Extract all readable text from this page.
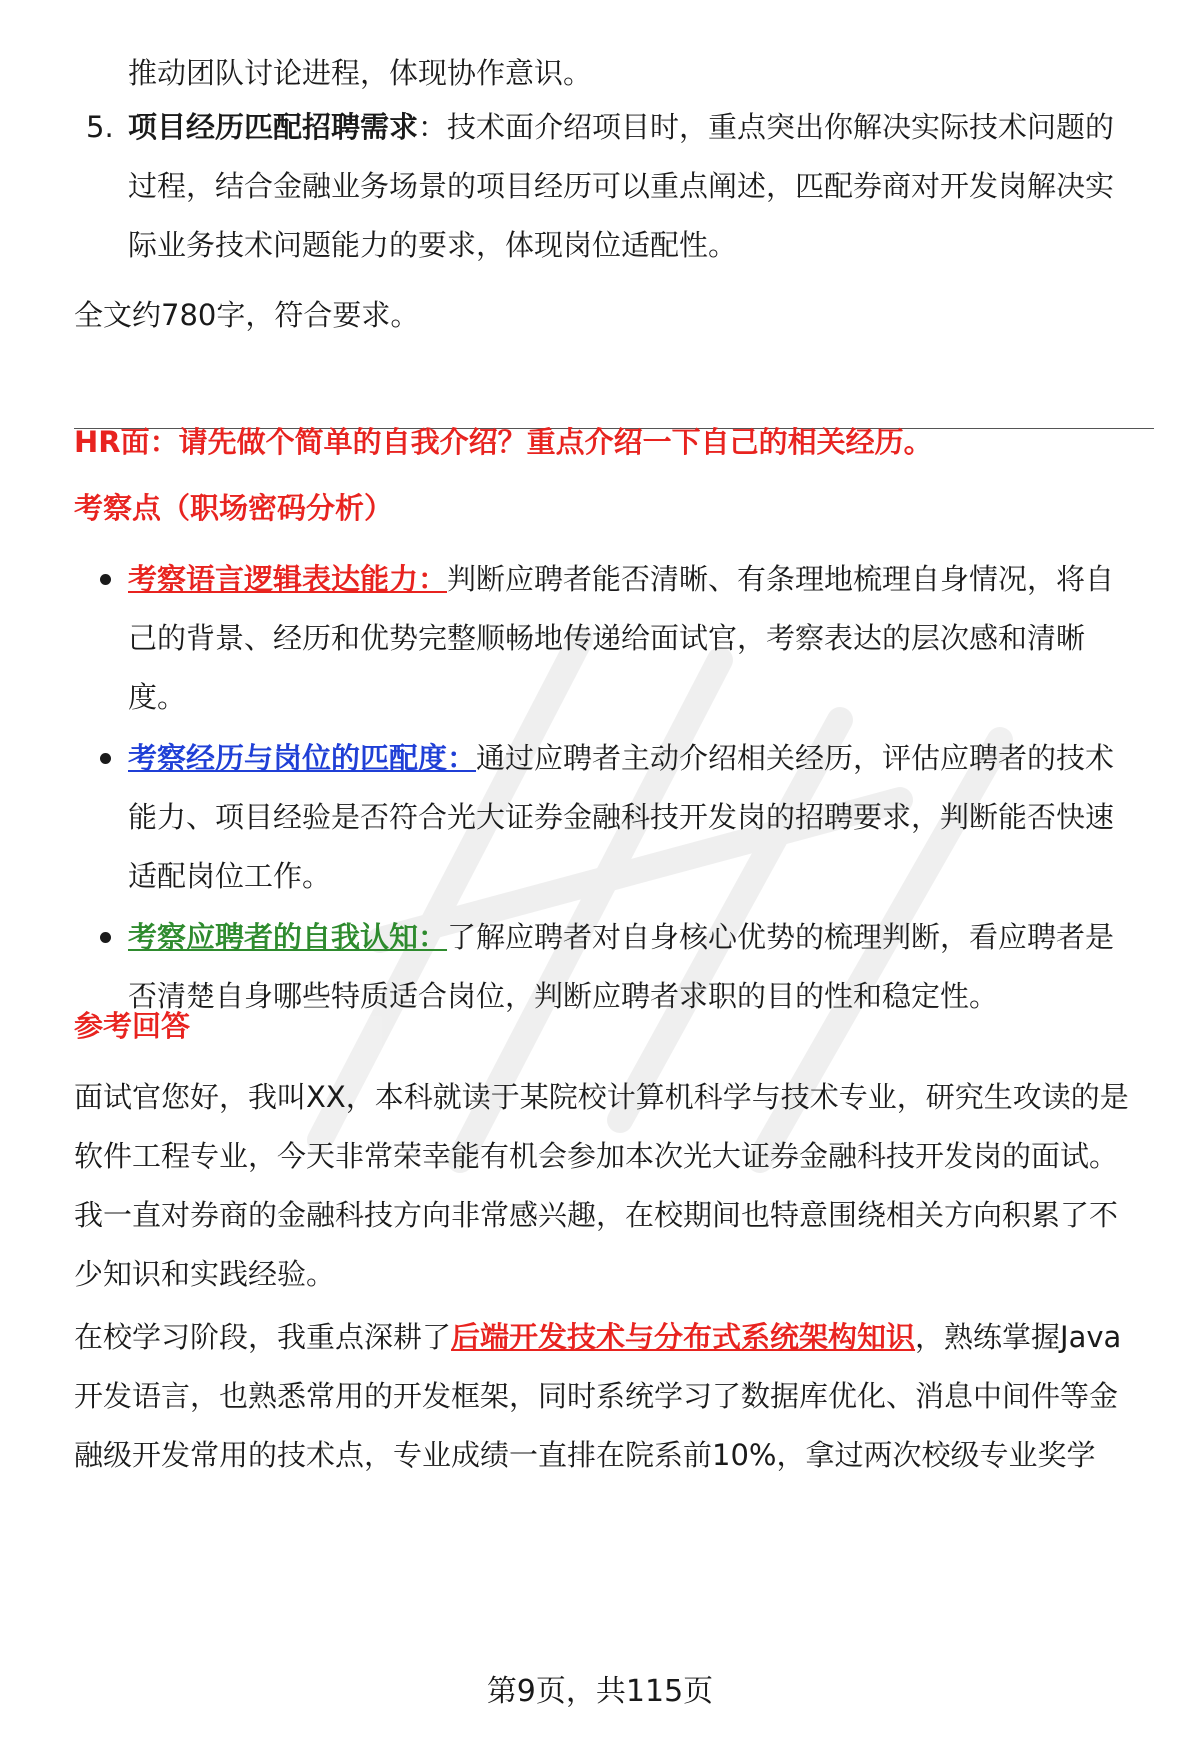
推动团队讨论进程，体现协作意识。

5. 项目经历匹配招聘需求：技术面介绍项目时，重点突出你解决实际技术问题的

过程，结合金融业务场景的项目经历可以重点阐述，匹配券商对开发岗解决实

际业务技术问题能力的要求，体现岗位适配性。

全文约780字，符合要求。

HR面：请先做个简单的自我介绍？重点介绍一下自己的相关经历。

考察点（职场密码分析）

考察语言逻辑表达能力：判断应聘者能否清晰、有条理地梳理自身情况，将自

己的背景、经历和优势完整顺畅地传递给面试官，考察表达的层次感和清晰

度。

考察经历与岗位的匹配度：通过应聘者主动介绍相关经历，评估应聘者的技术

能力、项目经验是否符合光大证券金融科技开发岗的招聘要求，判断能否快速

适配岗位工作。

考察应聘者的自我认知：了解应聘者对自身核心优势的梳理判断，看应聘者是

否清楚自身哪些特质适合岗位，判断应聘者求职的目的性和稳定性。

参考回答

面试官您好，我叫XX，本科就读于某院校计算机科学与技术专业，研究生攻读的是

软件工程专业，今天非常荣幸能有机会参加本次光大证券金融科技开发岗的面试。

我一直对券商的金融科技方向非常感兴趣，在校期间也特意围绕相关方向积累了不

少知识和实践经验。

在校学习阶段，我重点深耕了后端开发技术与分布式系统架构知识，熟练掌握Java

开发语言，也熟悉常用的开发框架，同时系统学习了数据库优化、消息中间件等金

融级开发常用的技术点，专业成绩一直排在院系前10%，拿过两次校级专业奖学

第9页，共115页
